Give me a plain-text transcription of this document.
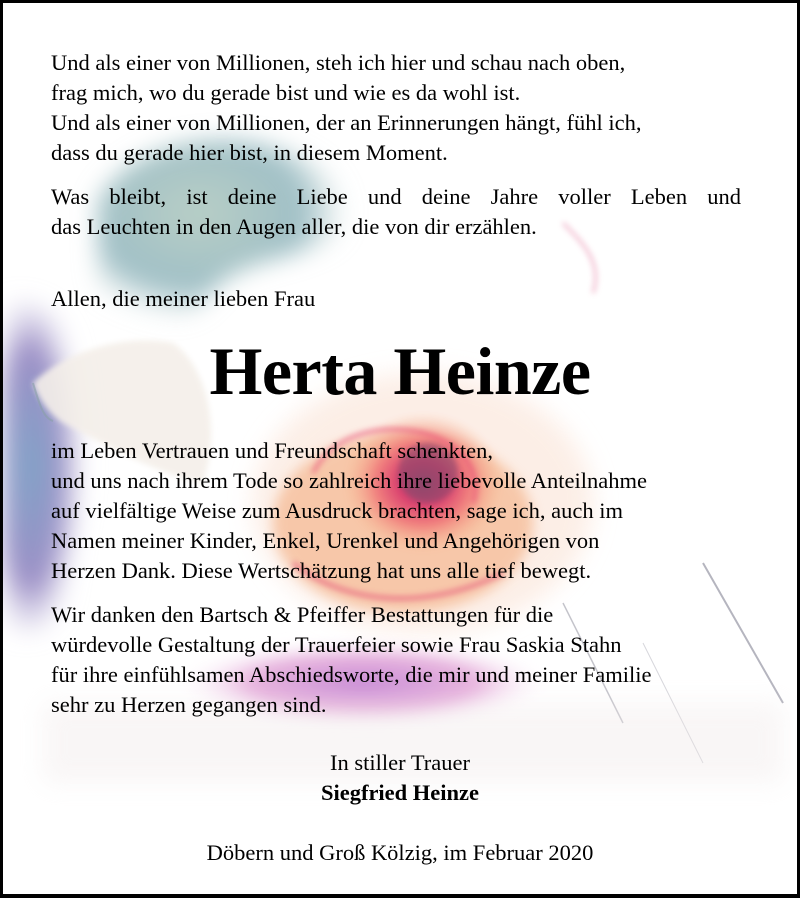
Und als einer von Millionen, steh ich hier und schau nach oben,
frag mich, wo du gerade bist und wie es da wohl ist.
Und als einer von Millionen, der an Erinnerungen hängt, fühl ich,
dass du gerade hier bist, in diesem Moment.

Was bleibt, ist deine Liebe und deine Jahre voller Leben und
das Leuchten in den Augen aller, die von dir erzählen.

Allen, die meiner lieben Frau

Herta Heinze

im Leben Vertrauen und Freundschaft schenkten,
und uns nach ihrem Tode so zahlreich ihre liebevolle Anteilnahme
auf vielfältige Weise zum Ausdruck brachten, sage ich, auch im
Namen meiner Kinder, Enkel, Urenkel und Angehörigen von
Herzen Dank. Diese Wertschätzung hat uns alle tief bewegt.

Wir danken den Bartsch & Pfeiffer Bestattungen für die
würdevolle Gestaltung der Trauerfeier sowie Frau Saskia Stahn
für ihre einfühlsamen Abschiedsworte, die mir und meiner Familie
sehr zu Herzen gegangen sind.

In stiller Trauer
Siegfried Heinze
Döbern und Groß Kölzig, im Februar 2020
